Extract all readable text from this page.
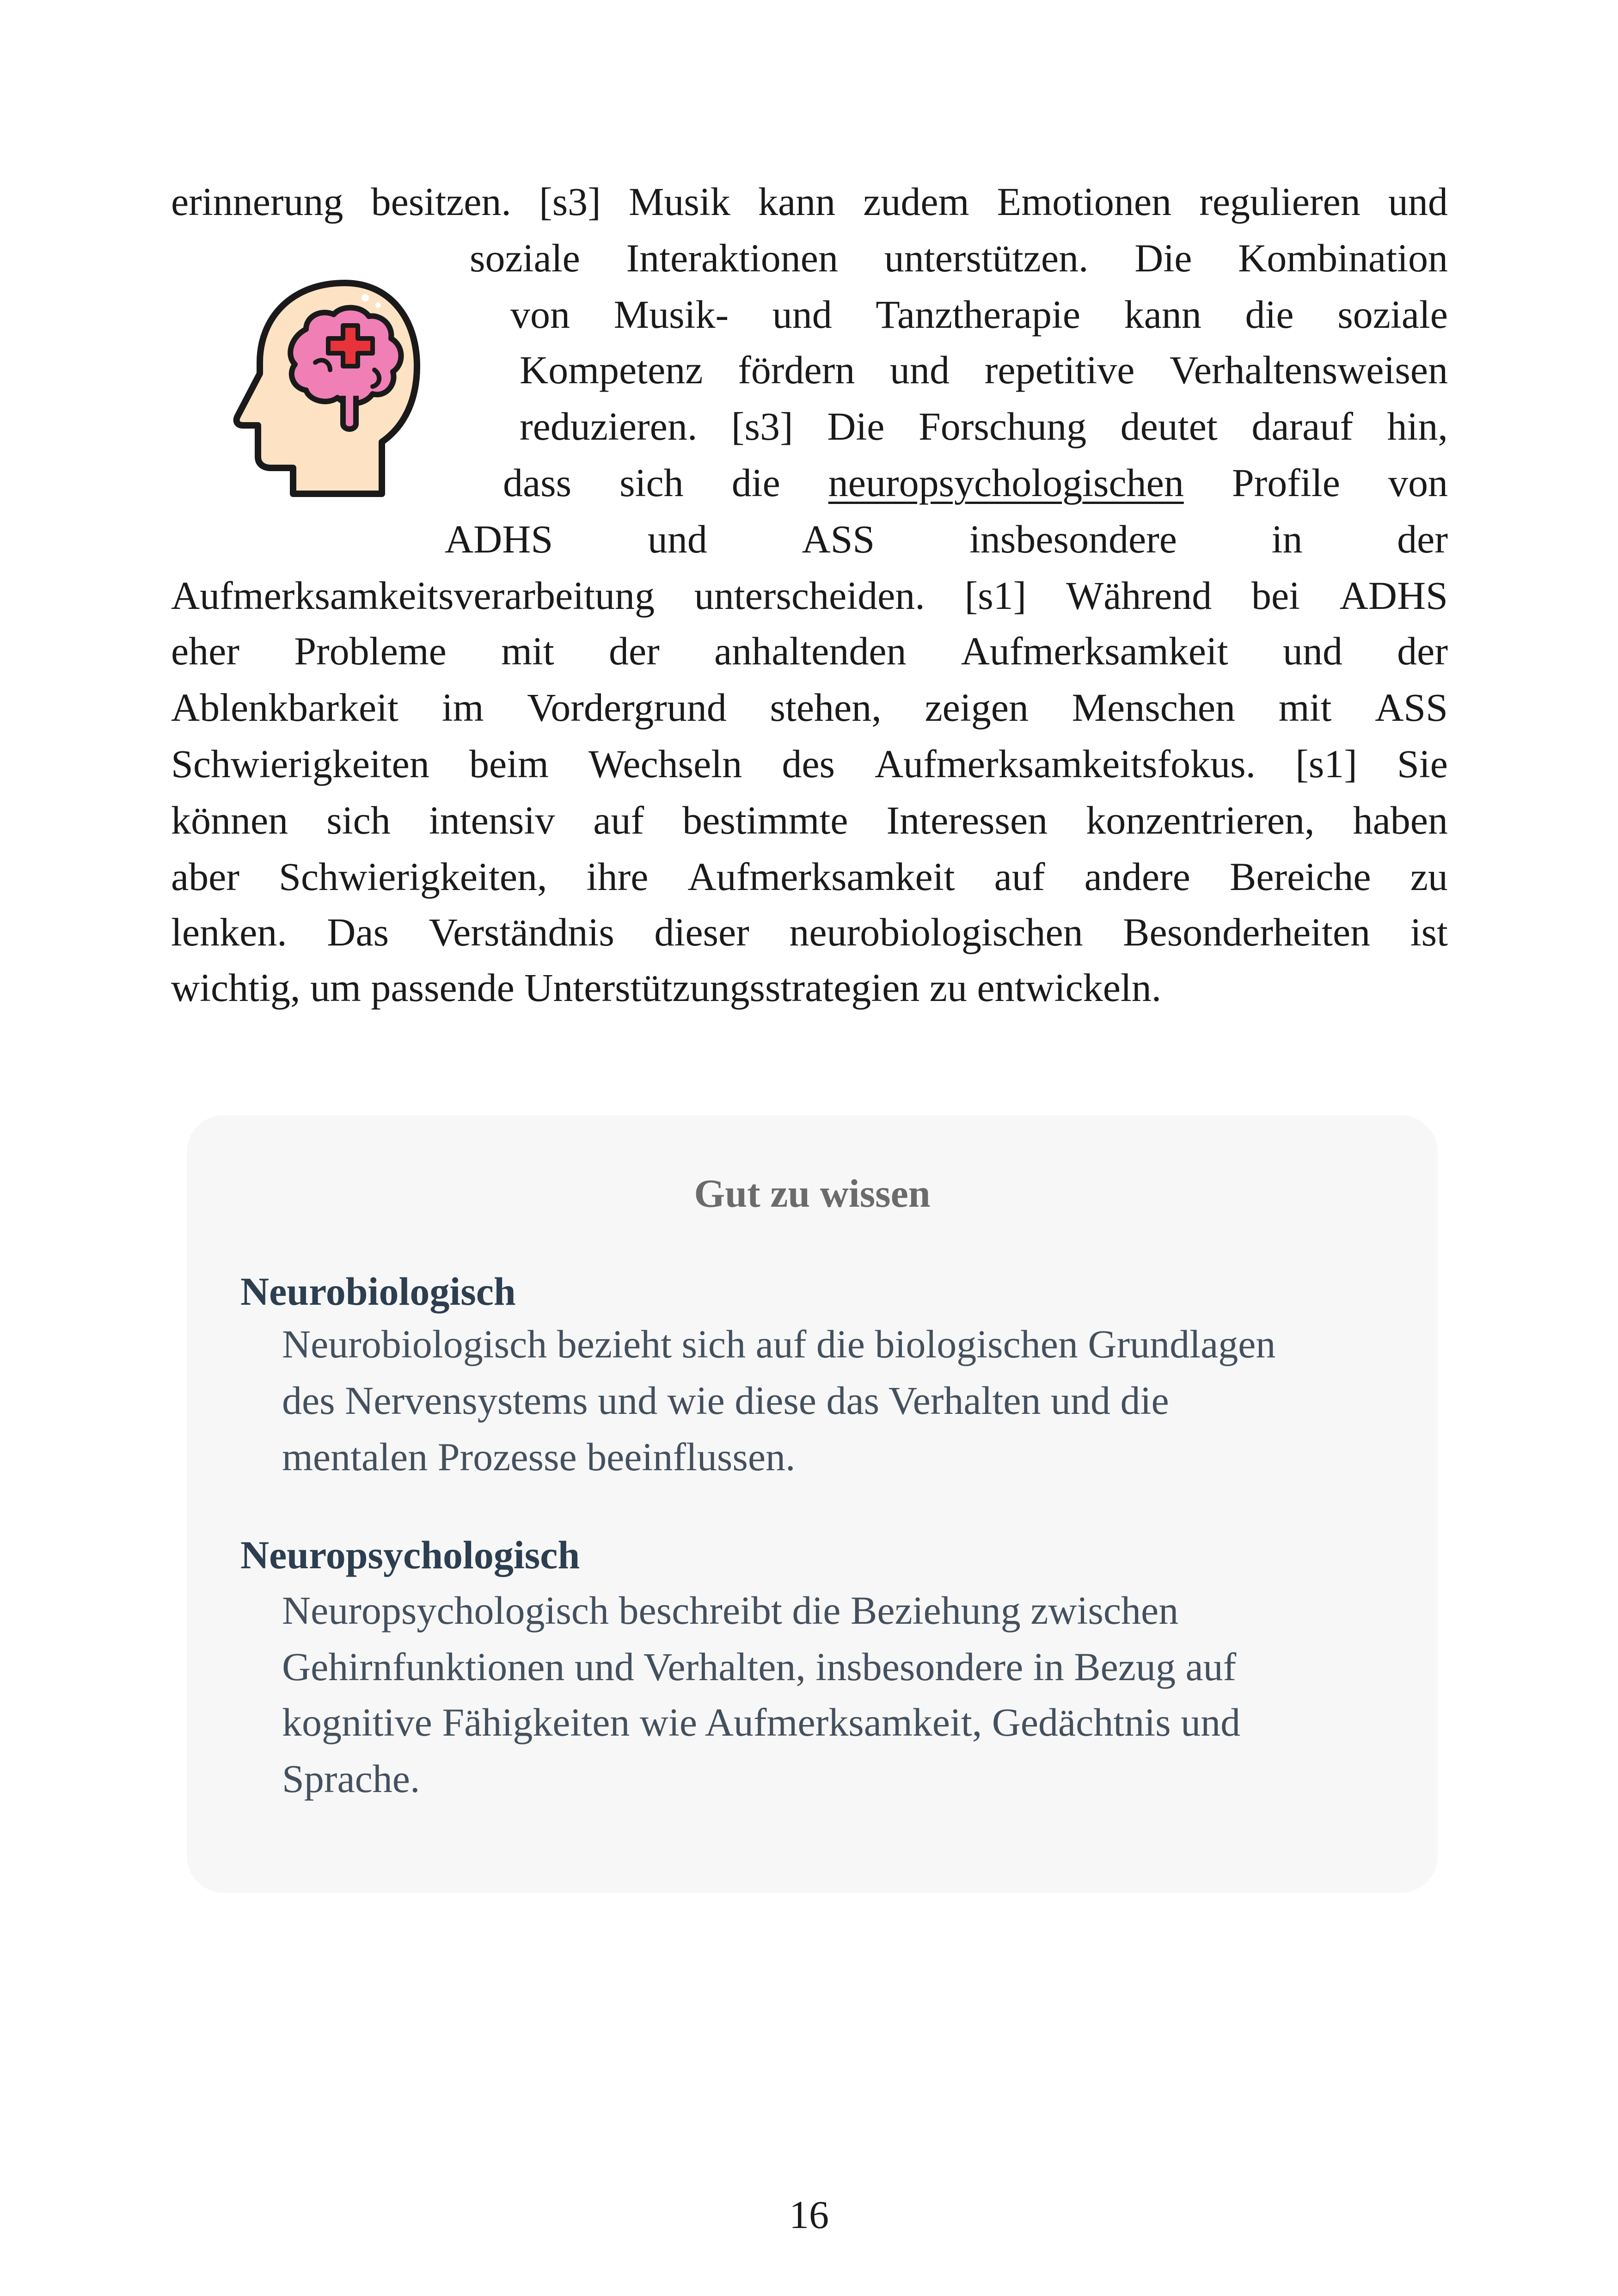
erinnerung besitzen. [s3] Musik kann zudem Emotionen regulieren und
soziale Interaktionen unterstützen. Die Kombination
von Musik- und Tanztherapie kann die soziale
Kompetenz fördern und repetitive Verhaltensweisen
reduzieren. [s3] Die Forschung deutet darauf hin,
dass sich die neuropsychologischen Profile von
ADHS und ASS insbesondere in der
Aufmerksamkeitsverarbeitung unterscheiden. [s1] Während bei ADHS
eher Probleme mit der anhaltenden Aufmerksamkeit und der
Ablenkbarkeit im Vordergrund stehen, zeigen Menschen mit ASS
Schwierigkeiten beim Wechseln des Aufmerksamkeitsfokus. [s1] Sie
können sich intensiv auf bestimmte Interessen konzentrieren, haben
aber Schwierigkeiten, ihre Aufmerksamkeit auf andere Bereiche zu
lenken. Das Verständnis dieser neurobiologischen Besonderheiten ist
wichtig, um passende Unterstützungsstrategien zu entwickeln.
Gut zu wissen
Neurobiologisch
Neurobiologisch bezieht sich auf die biologischen Grundlagen
des Nervensystems und wie diese das Verhalten und die
mentalen Prozesse beeinflussen.
Neuropsychologisch
Neuropsychologisch beschreibt die Beziehung zwischen
Gehirnfunktionen und Verhalten, insbesondere in Bezug auf
kognitive Fähigkeiten wie Aufmerksamkeit, Gedächtnis und
Sprache.
16
